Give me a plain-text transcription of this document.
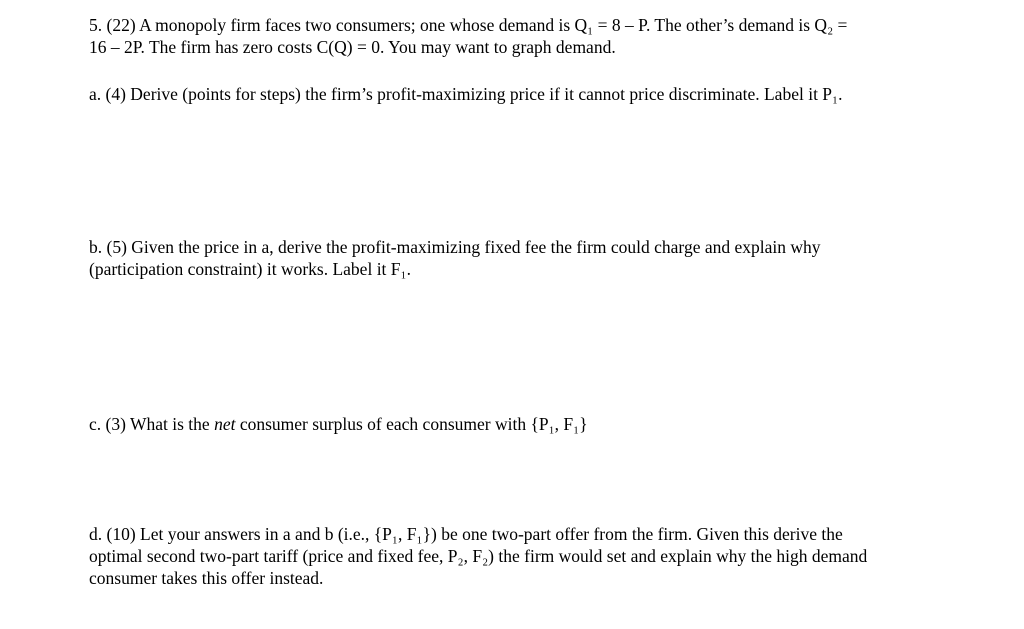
5. (22) A monopoly firm faces two consumers; one whose demand is Q₁ = 8 – P. The other’s demand is Q₂ =
16 – 2P. The firm has zero costs C(Q) = 0. You may want to graph demand.

a. (4) Derive (points for steps) the firm’s profit-maximizing price if it cannot price discriminate. Label it P₁.

b. (5) Given the price in a, derive the profit-maximizing fixed fee the firm could charge and explain why
(participation constraint) it works. Label it F₁.

c. (3) What is the net consumer surplus of each consumer with {P₁, F₁}

d. (10) Let your answers in a and b (i.e., {P₁, F₁}) be one two-part offer from the firm. Given this derive the
optimal second two-part tariff (price and fixed fee, P₂, F₂) the firm would set and explain why the high demand
consumer takes this offer instead.
